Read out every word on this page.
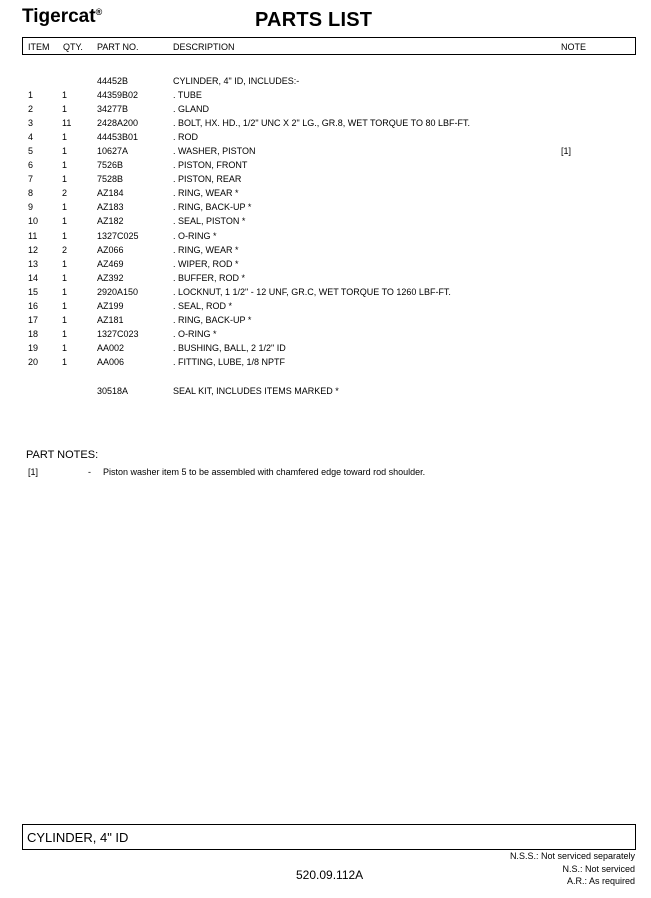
Tigercat®	PARTS LIST
ITEM QTY. PART NO.	DESCRIPTION	NOTE
44452B	CYLINDER, 4" ID, INCLUDES:-
1	1	44359B02	. TUBE
2	1	34277B	. GLAND
3	11	2428A200	. BOLT, HX. HD., 1/2" UNC X 2" LG., GR.8, WET TORQUE TO 80 LBF-FT.
4	1	44453B01	. ROD
5	1	10627A	. WASHER, PISTON	[1]
6	1	7526B	. PISTON, FRONT
7	1	7528B	. PISTON, REAR
8	2	AZ184	. RING, WEAR *
9	1	AZ183	. RING, BACK-UP *
10	1	AZ182	. SEAL, PISTON *
11	1	1327C025	. O-RING *
12	2	AZ066	. RING, WEAR *
13	1	AZ469	. WIPER, ROD *
14	1	AZ392	. BUFFER, ROD *
15	1	2920A150	. LOCKNUT, 1 1/2" - 12 UNF, GR.C, WET TORQUE TO 1260 LBF-FT.
16	1	AZ199	. SEAL, ROD *
17	1	AZ181	. RING, BACK-UP *
18	1	1327C023	. O-RING *
19	1	AA002	. BUSHING, BALL, 2 1/2" ID
20	1	AA006	. FITTING, LUBE, 1/8 NPTF
30518A	SEAL KIT, INCLUDES ITEMS MARKED *
PART NOTES:
[1]	- Piston washer item 5 to be assembled with chamfered edge toward rod shoulder.
CYLINDER, 4" ID
520.09.112A
N.S.S.: Not serviced separately
N.S.: Not serviced
A.R.: As required
